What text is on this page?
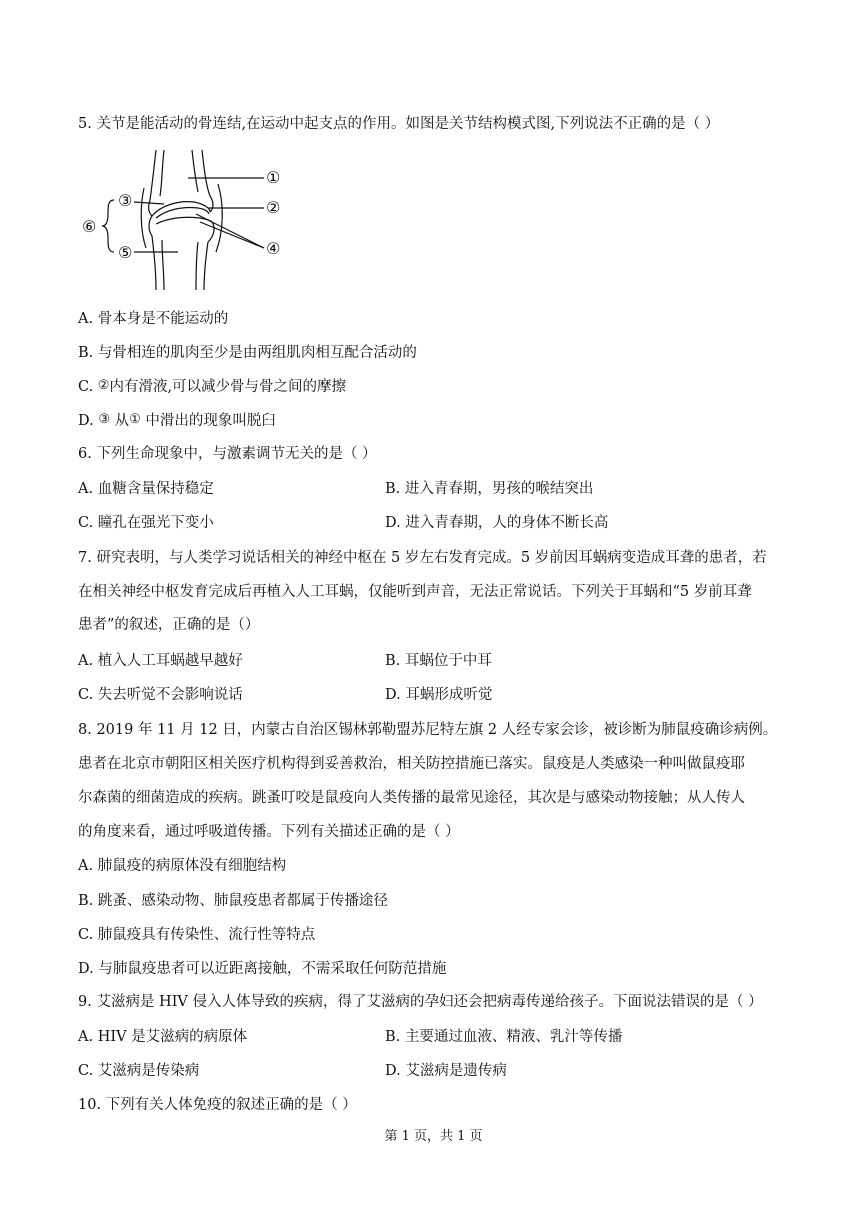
5. 关节是能活动的骨连结,在运动中起支点的作用。如图是关节结构模式图,下列说法不正确的是（ ）
①
②
③
④
⑤
⑥
A. 骨本身是不能运动的
B. 与骨相连的肌肉至少是由两组肌肉相互配合活动的
C. ②内有滑液,可以减少骨与骨之间的摩擦
D. ③ 从① 中滑出的现象叫脱臼
6. 下列生命现象中，与激素调节无关的是（ ）
A. 血糖含量保持稳定	B. 进入青春期，男孩的喉结突出
C. 瞳孔在强光下变小	D. 进入青春期，人的身体不断长高
7. 研究表明，与人类学习说话相关的神经中枢在 5 岁左右发育完成。5 岁前因耳蜗病变造成耳聋的患者，若
在相关神经中枢发育完成后再植入人工耳蜗，仅能听到声音，无法正常说话。下列关于耳蜗和“5 岁前耳聋
患者”的叙述，正确的是（）
A. 植入人工耳蜗越早越好	B. 耳蜗位于中耳
C. 失去听觉不会影响说话	D. 耳蜗形成听觉
8. 2019 年 11 月 12 日，内蒙古自治区锡林郭勒盟苏尼特左旗 2 人经专家会诊，被诊断为肺鼠疫确诊病例。
患者在北京市朝阳区相关医疗机构得到妥善救治，相关防控措施已落实。鼠疫是人类感染一种叫做鼠疫耶
尔森菌的细菌造成的疾病。跳蚤叮咬是鼠疫向人类传播的最常见途径，其次是与感染动物接触；从人传人
的角度来看，通过呼吸道传播。下列有关描述正确的是（ ）
A. 肺鼠疫的病原体没有细胞结构
B. 跳蚤、感染动物、肺鼠疫患者都属于传播途径
C. 肺鼠疫具有传染性、流行性等特点
D. 与肺鼠疫患者可以近距离接触，不需采取任何防范措施
9. 艾滋病是 HIV 侵入人体导致的疾病，得了艾滋病的孕妇还会把病毒传递给孩子。下面说法错误的是（ ）
A. HIV 是艾滋病的病原体	B. 主要通过血液、精液、乳汁等传播
C. 艾滋病是传染病	D. 艾滋病是遗传病
10. 下列有关人体免疫的叙述正确的是（ ）
第 1 页，共 1 页
